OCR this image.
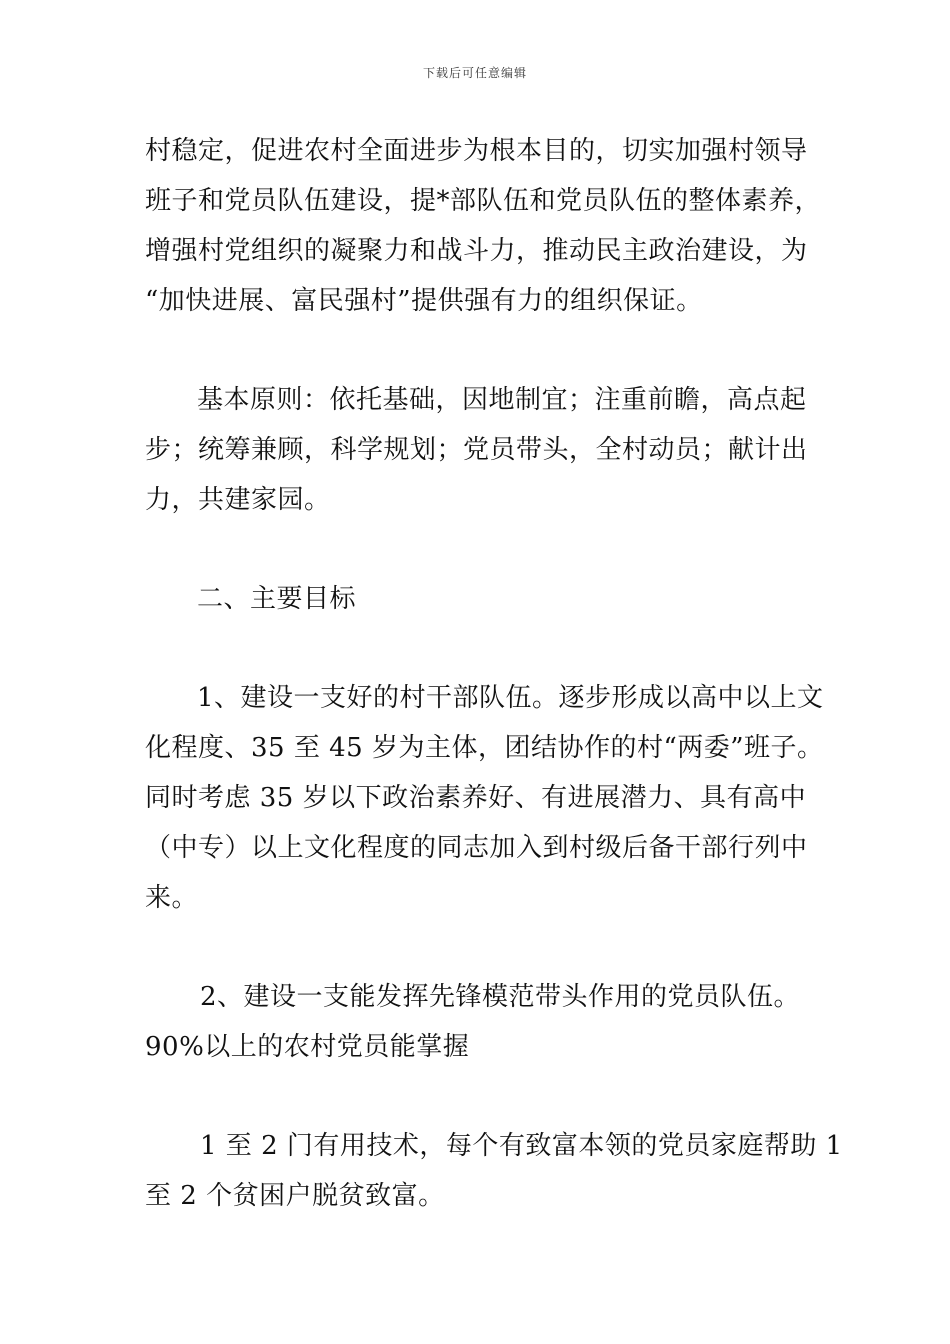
下载后可任意编辑
村稳定，促进农村全面进步为根本目的，切实加强村领导
班子和党员队伍建设，提*部队伍和党员队伍的整体素养，
增强村党组织的凝聚力和战斗力，推动民主政治建设，为
“加快进展、富民强村”提供强有力的组织保证。
基本原则：依托基础，因地制宜；注重前瞻，高点起
步；统筹兼顾，科学规划；党员带头，全村动员；献计出
力，共建家园。
二、主要目标
1、建设一支好的村干部队伍。逐步形成以高中以上文
化程度、35 至 45 岁为主体，团结协作的村“两委”班子。
同时考虑 35 岁以下政治素养好、有进展潜力、具有高中
（中专）以上文化程度的同志加入到村级后备干部行列中
来。
2、建设一支能发挥先锋模范带头作用的党员队伍。
90%以上的农村党员能掌握
1 至 2 门有用技术，每个有致富本领的党员家庭帮助 1
至 2 个贫困户脱贫致富。
